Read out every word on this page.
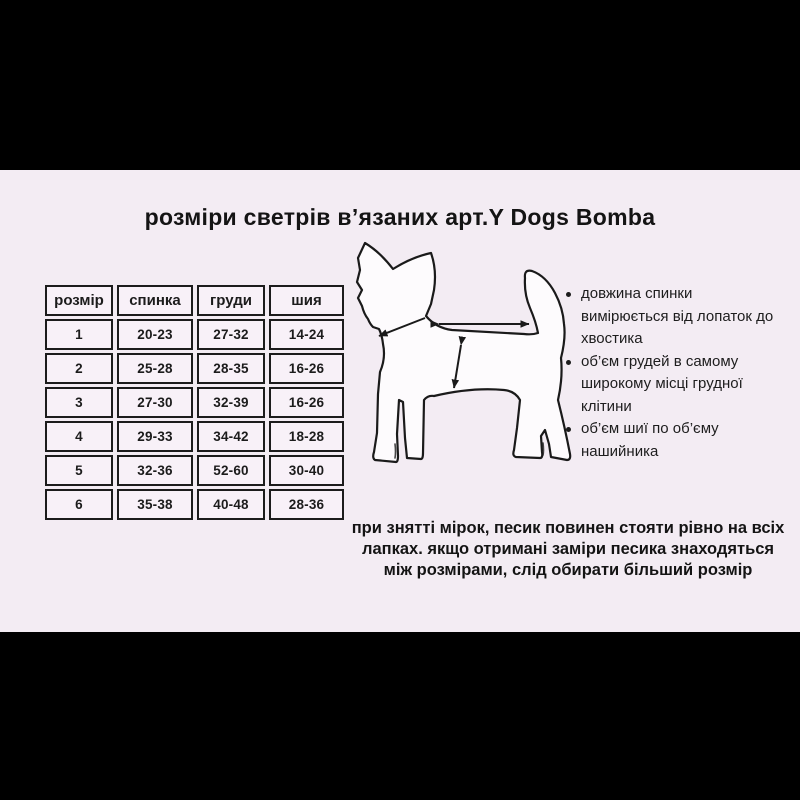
розміри светрів в’язаних арт.Y Dogs Bomba
розмір	спинка	груди	шия
1	20-23	27-32	14-24
2	25-28	28-35	16-26
3	27-30	32-39	16-26
4	29-33	34-42	18-28
5	32-36	52-60	30-40
6	35-38	40-48	28-36
довжина спинки
вимірюється від лопаток до
хвостика
об’єм грудей в самому
широкому місці грудної
клітини
об’єм шиї по об’єму
нашийника
при знятті мірок, песик повинен стояти рівно на всіх
лапках. якщо отримані заміри песика знаходяться
між розмірами, слід обирати більший розмір
